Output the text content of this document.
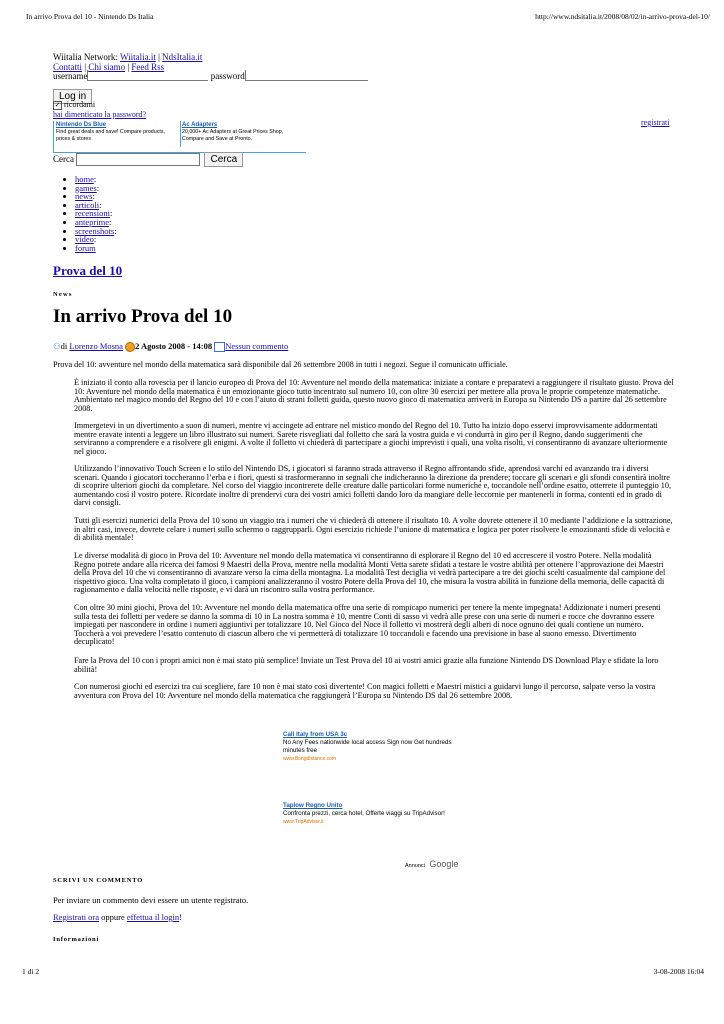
In arrivo Prova del 10 - Nintendo Ds Italia	http://www.ndsitalia.it/2008/08/02/in-arrivo-prova-del-10/
Wiitalia Network: Wiitalia.it | NdsItalia.it
Contatti | Chi siamo | Feed Rss
username	password
Log in
✓ ricordami
hai dimenticato la password?
registrati
Nintendo Ds Blue
Find great deals and save! Compare products, prices & stores
Ac Adapters
20,000+ Ac Adapters at Great Prices Shop, Compare and Save at Pronto.
Cerca	Cerca
• home:
• games:
• news:
• articoli:
• recensioni:
• anteprime:
• screenshots:
• video:
• forum
Prova del 10
News
In arrivo Prova del 10
⚇di Lorenzo Mosna 2 Agosto 2008 - 14:08 Nessun commento

Prova del 10: avventure nel mondo della matematica sarà disponibile dal 26 settembre 2008 in tutti i negozi. Segue il comunicato ufficiale.

È iniziato il conto alla rovescia per il lancio europeo di Prova del 10: Avventure nel mondo della matematica: iniziate a contare e preparatevi a raggiungere il risultato giusto. Prova del 10: Avventure nel mondo della matematica è un emozionante gioco tutto incentrato sul numero 10, con oltre 30 esercizi per mettere alla prova le proprie competenze matematiche. Ambientato nel magico mondo del Regno del 10 e con l’aiuto di strani folletti guida, questo nuovo gioco di matematica arriverà in Europa su Nintendo DS a partire dal 26 settembre 2008.

Immergetevi in un divertimento a suon di numeri, mentre vi accingete ad entrare nel mistico mondo del Regno del 10. Tutto ha inizio dopo esservi improvvisamente addormentati mentre eravate intenti a leggere un libro illustrato sui numeri. Sarete risvegliati dal folletto che sarà la vostra guida e vi condurrà in giro per il Regno, dando suggerimenti che serviranno a comprendere e a risolvere gli enigmi. A volte il folletto vi chiederà di partecipare a giochi imprevisti i quali, una volta risolti, vi consentiranno di avanzare ulteriormente nel gioco.

Utilizzando l’innovativo Touch Screen e lo stilo del Nintendo DS, i giocatori si faranno strada attraverso il Regno affrontando sfide, aprendosi varchi ed avanzando tra i diversi scenari. Quando i giocatori toccheranno l’erba e i fiori, questi si trasformeranno in segnali che indicheranno la direzione da prendere; toccare gli scenari e gli sfondi consentirà inoltre di scoprire ulteriori giochi da completare. Nel corso del viaggio incontrerete delle creature dalle particolari forme numeriche e, toccandole nell’ordine esatto, otterrete il punteggio 10, aumentando così il vostro potere. Ricordate inoltre di prendervi cura dei vostri amici folletti dando loro da mangiare delle leccornie per mantenerli in forma, contenti ed in grado di darvi consigli.

Tutti gli esercizi numerici della Prova del 10 sono un viaggio tra i numeri che vi chiederà di ottenere il risultato 10. A volte dovrete ottenere il 10 mediante l’addizione e la sottrazione, in altri casi, invece, dovrete celare i numeri sullo schermo o raggrupparli. Ogni esercizio richiede l’unione di matematica e logica per poter risolvere le emozionanti sfide di velocità e di abilità mentale!

Le diverse modalità di gioco in Prova del 10: Avventure nel mondo della matematica vi consentiranno di esplorare il Regno del 10 ed accrescere il vostro Potere. Nella modalità Regno potrete andare alla ricerca dei famosi 9 Maestri della Prova, mentre nella modalità Monti Vetta sarete sfidati a testare le vostre abilità per ottenere l’approvazione dei Maestri della Prova del 10 che vi consentiranno di avanzare verso la cima della montagna. La modalità Test deciglia vi vedrà partecipare a tre dei giochi scelti casualmente dal campione del rispettivo gioco. Una volta completato il gioco, i campioni analizzeranno il vostro Potere della Prova del 10, che misura la vostra abilità in funzione della memoria, delle capacità di ragionamento e dalla velocità nelle risposte, e vi darà un riscontro sulla vostra performance.

Con oltre 30 mini giochi, Prova del 10: Avventure nel mondo della matematica offre una serie di rompicapo numerici per tenere la mente impegnata! Addizionate i numeri presenti sulla testa dei folletti per vedere se danno la somma di 10 in La nostra somma è 10, mentre Conti di sasso vi vedrà alle prese con una serie di numeri e rocce che dovranno essere impiegati per nascondere in ordine i numeri aggiuntivi per totalizzare 10. Nel Gioco del Noce il folletto vi mostrerà degli alberi di noce ognuno dei quali contiene un numero. Toccherà a voi prevedere l’esatto contenuto di ciascun albero che vi permetterà di totalizzare 10 toccandoli e facendo una previsione in base al suono emesso. Divertimento decuplicato!

Fare la Prova del 10 con i propri amici non è mai stato più semplice! Inviate un Test Prova del 10 ai vostri amici grazie alla funzione Nintendo DS Download Play e sfidate la loro abilità!

Con numerosi giochi ed esercizi tra cui scegliere, fare 10 non è mai stato così divertente! Con magici folletti e Maestri mistici a guidarvi lungo il percorso, salpate verso la vostra avventura con Prova del 10: Avventure nel mondo della matematica che raggiungerà l’Europa su Nintendo DS dal 26 settembre 2008.

Call Italy from USA 3c
No Any Fees nationwide local access Sign now Get hundreds minutes free
www.Bongdistance.com
Taplow Regno Unito
Confronta prezzi, cerca hotel, Offerte viaggi su TripAdvisor!
www.TripAdvisor.it
Annunci Google
SCRIVI UN COMMENTO
Per inviare un commento devi essere un utente registrato.
Registrati ora oppure effettua il login!
Informazioni
1 di 2	3-08-2008 16:04
